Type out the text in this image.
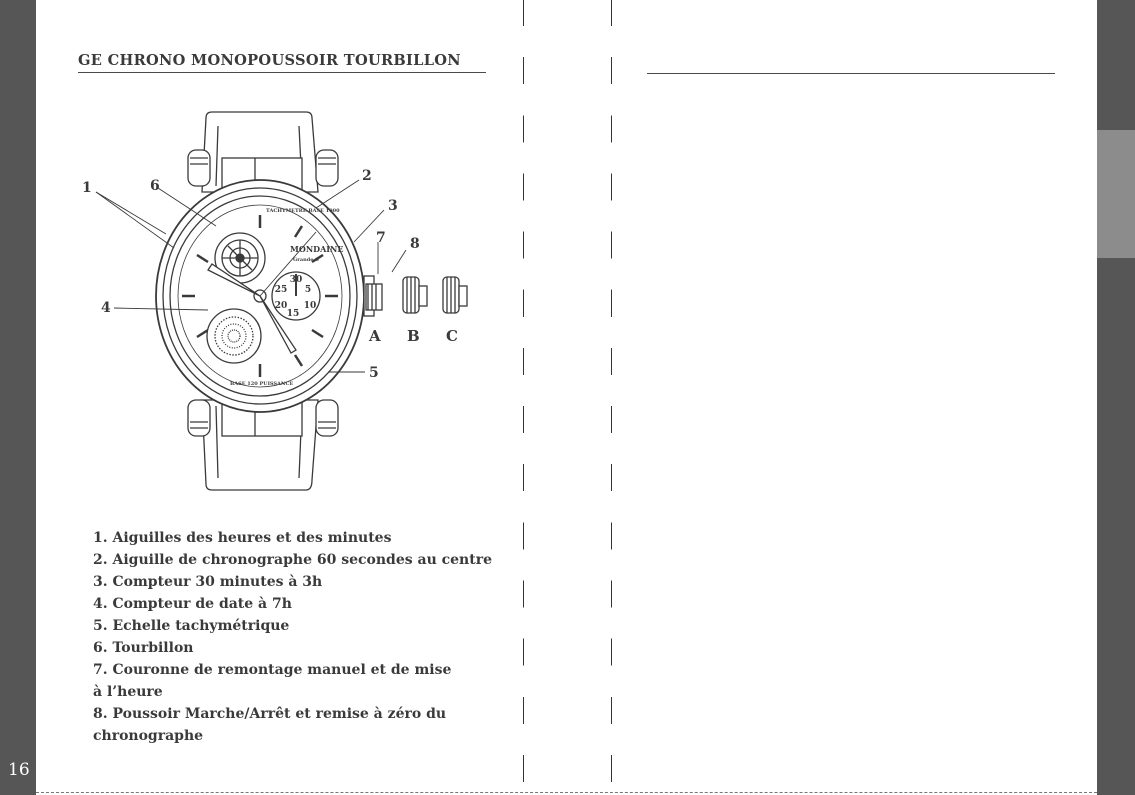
16
GE CHRONO MONOPOUSSOIR TOURBILLON
TACHYMETRE BASE 1000
BASE 120 PUISSANCE
MONDAINE
Grande S
30
25 5
20 10
15
1	6
2
3
7 8
4
5
A B C
1. Aiguilles des heures et des minutes
2. Aiguille de chronographe 60 secondes au centre
3. Compteur 30 minutes à 3h
4. Compteur de date à 7h
5. Echelle tachymétrique
6. Tourbillon
7. Couronne de remontage manuel et de mise
à l’heure
8. Poussoir Marche/Arrêt et remise à zéro du
chronographe
